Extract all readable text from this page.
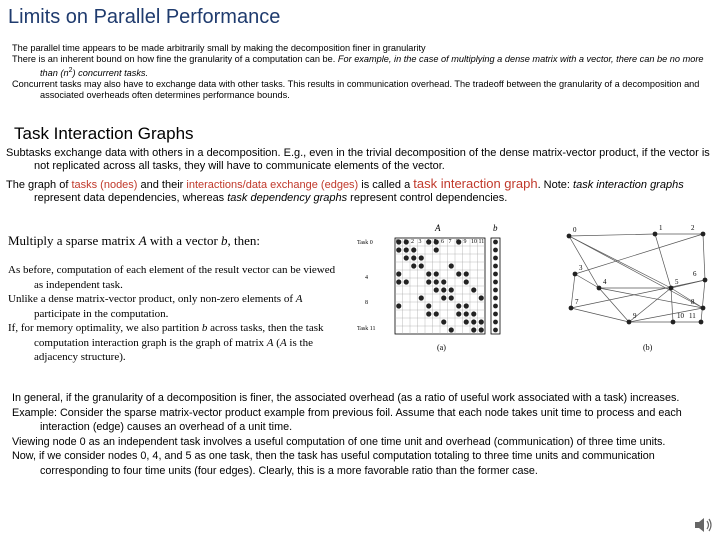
Limits on Parallel Performance
The parallel time appears to be made arbitrarily small by making the decomposition finer in granularity
There is an inherent bound on how fine the granularity of a computation can be. For example, in the case of multiplying a dense matrix with a vector, there can be no more than $(n^2)$ concurrent tasks.
Concurrent tasks may also have to exchange data with other tasks. This results in communication overhead. The tradeoff between the granularity of a decomposition and associated overheads often determines performance bounds.
Task Interaction Graphs
Subtasks exchange data with others in a decomposition. E.g., even in the trivial decomposition of the dense matrix-vector product, if the vector is not replicated across all tasks, they will have to communicate elements of the vector.
The graph of tasks (nodes) and their interactions/data exchange (edges) is called a task interaction graph. Note: task interaction graphs represent data dependencies, whereas task dependency graphs represent control dependencies.
Multiply a sparse matrix A with a vector b, then:
As before, computation of each element of the result vector can be viewed as independent task.
Unlike a dense matrix-vector product, only non-zero elements of A participate in the computation.
If, for memory optimality, we also partition b across tasks, then the task computation interaction graph is the graph of matrix A (A is the adjacency structure).
A	b
Task 0
Task 11
4
8
2 3	6 7 9 10 11
(a)
0	1	2
3
4	5
6
7	8
9	10 11
(b)
In general, if the granularity of a decomposition is finer, the associated overhead (as a ratio of useful work associated with a task) increases.
Example: Consider the sparse matrix-vector product example from previous foil. Assume that each node takes unit time to process and each interaction (edge) causes an overhead of a unit time.
Viewing node 0 as an independent task involves a useful computation of one time unit and overhead (communication) of three time units.
Now, if we consider nodes 0, 4, and 5 as one task, then the task has useful computation totaling to three time units and communication corresponding to four time units (four edges). Clearly, this is a more favorable ratio than the former case.
